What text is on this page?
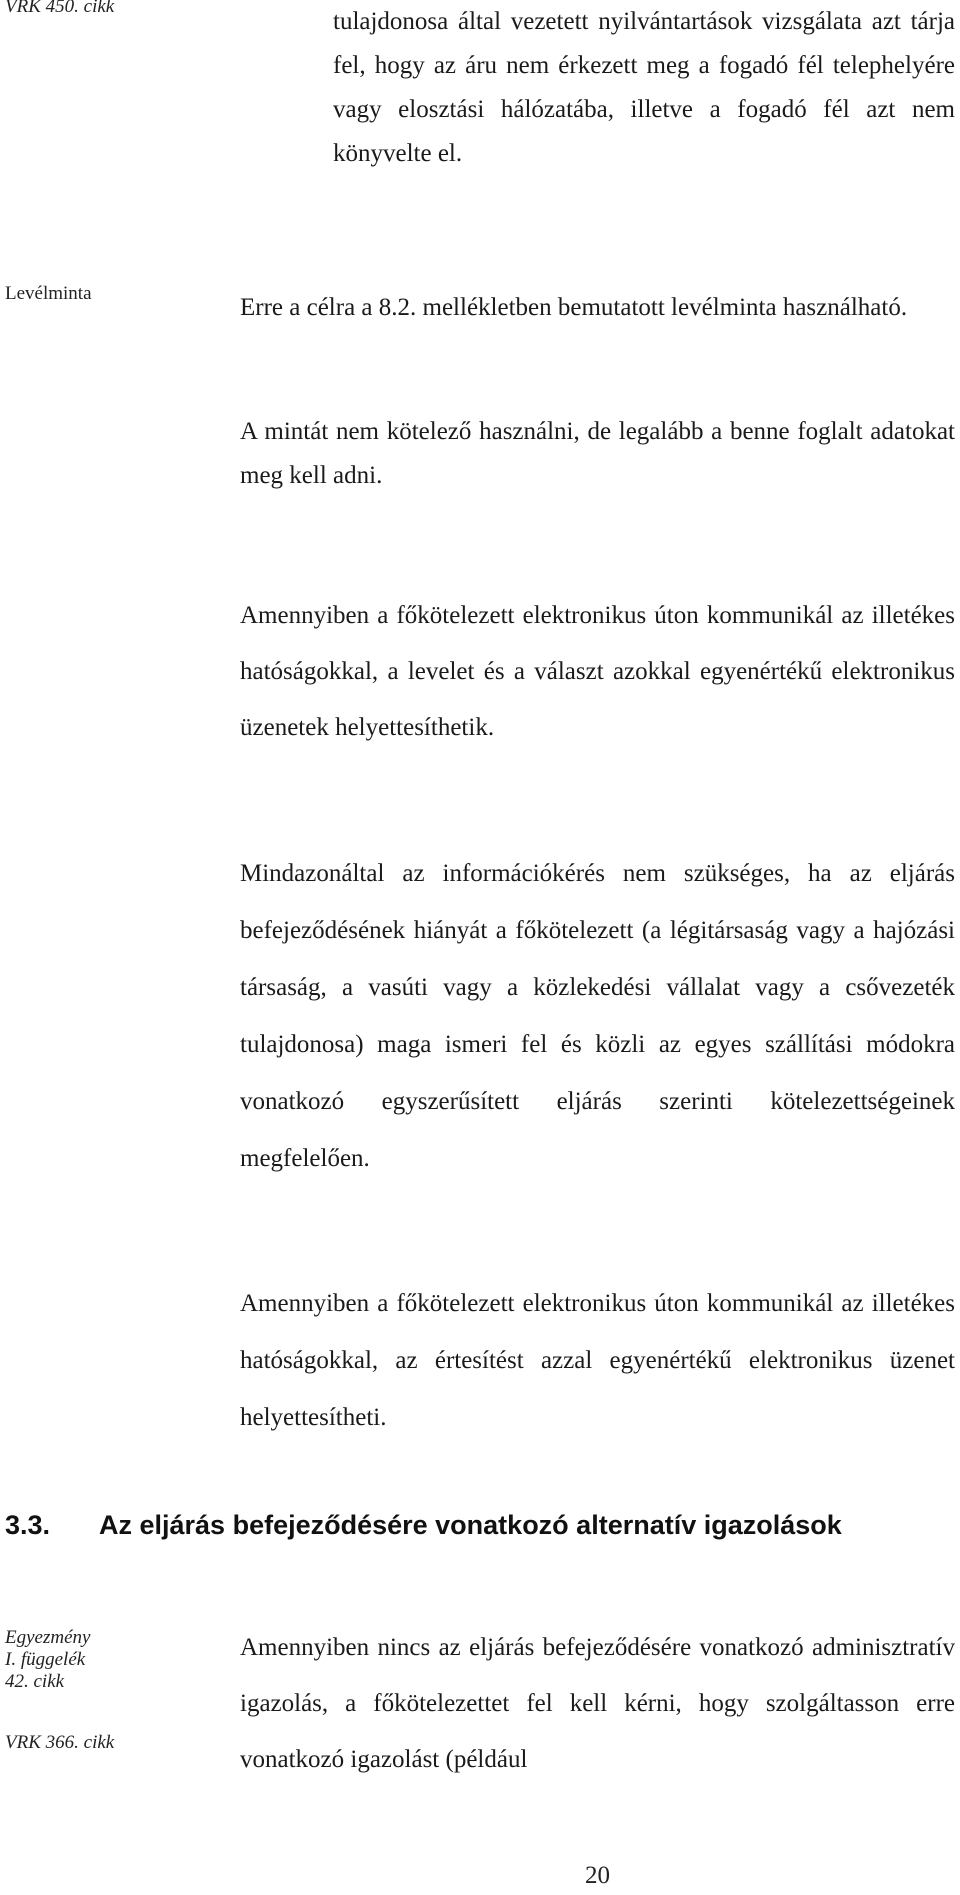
VRK 450. cikk
Levélminta
Egyezmény
I. függelék
42. cikk
VRK 366. cikk

tulajdonosa által vezetett nyilvántartások vizsgálata azt tárja fel, hogy az áru nem érkezett meg a fogadó fél telephelyére vagy elosztási hálózatába, illetve a fogadó fél azt nem könyvelte el.

Erre a célra a 8.2. mellékletben bemutatott levélminta használható.

A mintát nem kötelező használni, de legalább a benne foglalt adatokat meg kell adni.

Amennyiben a főkötelezett elektronikus úton kommunikál az illetékes hatóságokkal, a levelet és a választ azokkal egyenértékű elektronikus üzenetek helyettesíthetik.

Mindazonáltal az információkérés nem szükséges, ha az eljárás befejeződésének hiányát a főkötelezett (a légitársaság vagy a hajózási társaság, a vasúti vagy a közlekedési vállalat vagy a csővezeték tulajdonosa) maga ismeri fel és közli az egyes szállítási módokra vonatkozó egyszerűsített eljárás szerinti kötelezettségeinek megfelelően.

Amennyiben a főkötelezett elektronikus úton kommunikál az illetékes hatóságokkal, az értesítést azzal egyenértékű elektronikus üzenet helyettesítheti.

3.3. Az eljárás befejeződésére vonatkozó alternatív igazolások

Amennyiben nincs az eljárás befejeződésére vonatkozó adminisztratív igazolás, a főkötelezettet fel kell kérni, hogy szolgáltasson erre vonatkozó igazolást (például

20
